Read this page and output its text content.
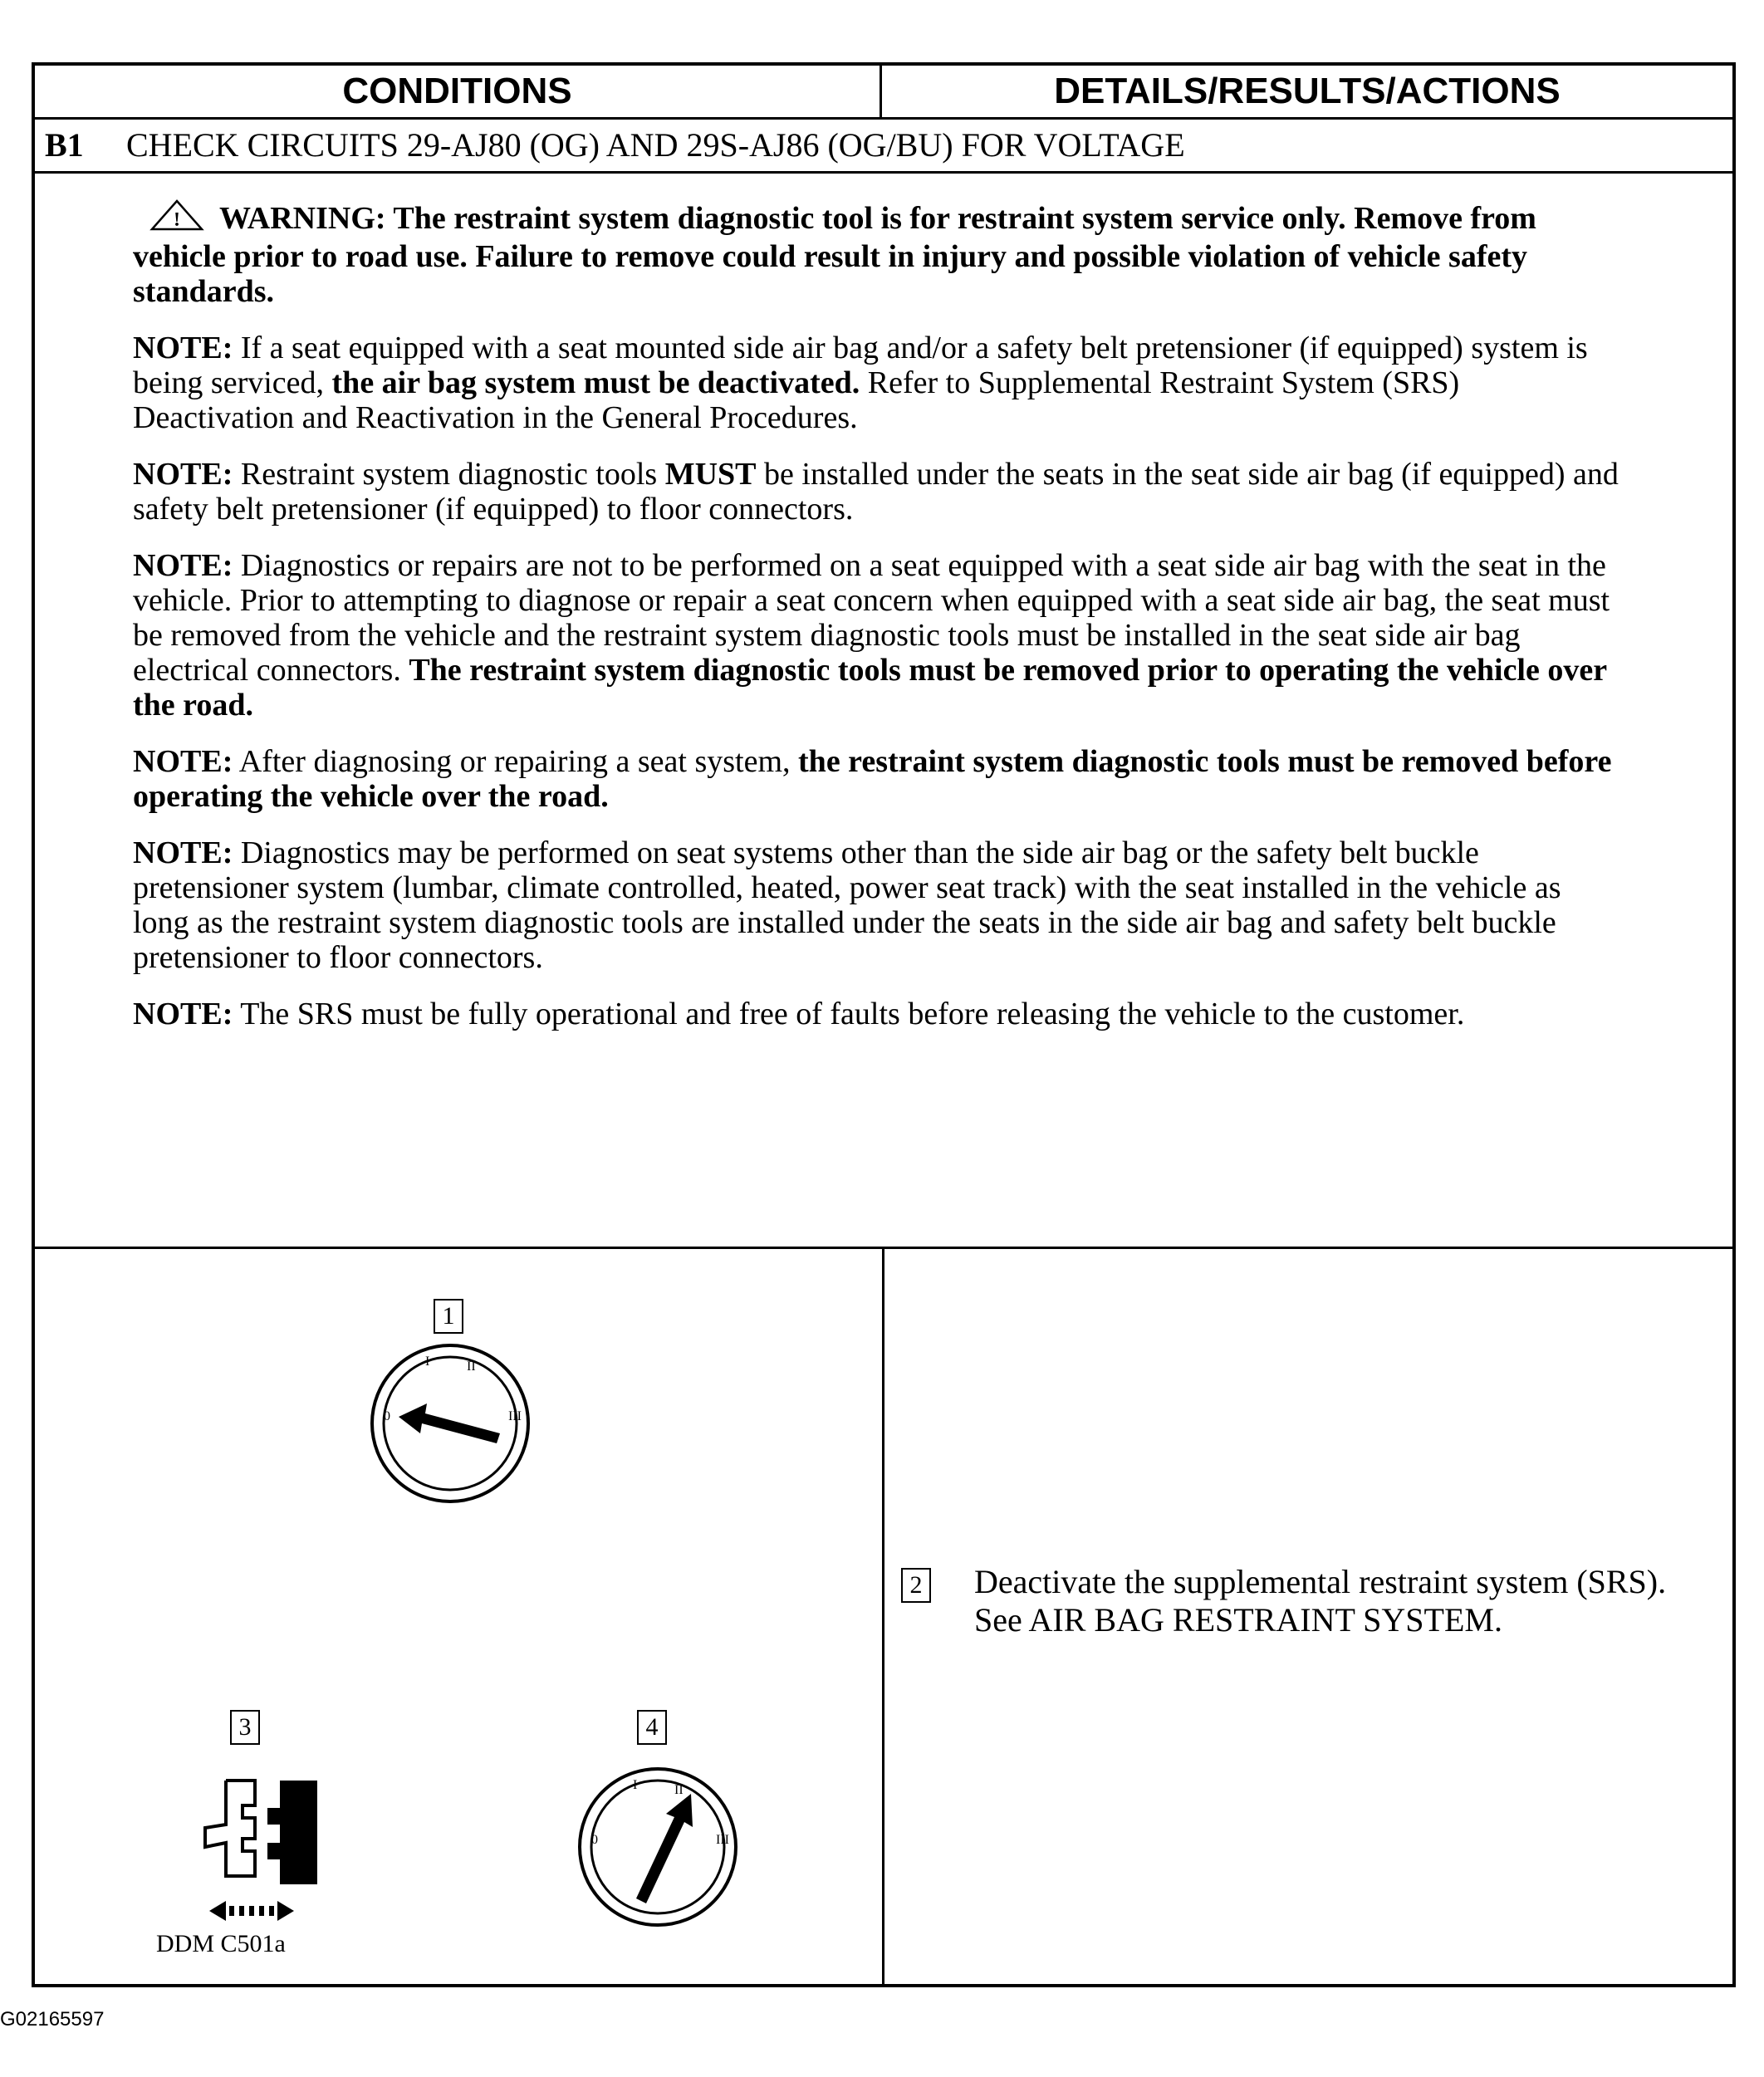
CONDITIONS	DETAILS/RESULTS/ACTIONS
B1 CHECK CIRCUITS 29-AJ80 (OG) AND 29S-AJ86 (OG/BU) FOR VOLTAGE

! WARNING: The restraint system diagnostic tool is for restraint system service only. Remove from vehicle prior to road use. Failure to remove could result in injury and possible violation of vehicle safety standards.

NOTE: If a seat equipped with a seat mounted side air bag and/or a safety belt pretensioner (if equipped) system is being serviced, the air bag system must be deactivated. Refer to Supplemental Restraint System (SRS) Deactivation and Reactivation in the General Procedures.

NOTE: Restraint system diagnostic tools MUST be installed under the seats in the seat side air bag (if equipped) and safety belt pretensioner (if equipped) to floor connectors.

NOTE: Diagnostics or repairs are not to be performed on a seat equipped with a seat side air bag with the seat in the vehicle. Prior to attempting to diagnose or repair a seat concern when equipped with a seat side air bag, the seat must be removed from the vehicle and the restraint system diagnostic tools must be installed in the seat side air bag electrical connectors. The restraint system diagnostic tools must be removed prior to operating the vehicle over the road.

NOTE: After diagnosing or repairing a seat system, the restraint system diagnostic tools must be removed before operating the vehicle over the road.

NOTE: Diagnostics may be performed on seat systems other than the side air bag or the safety belt buckle pretensioner system (lumbar, climate controlled, heated, power seat track) with the seat installed in the vehicle as long as the restraint system diagnostic tools are installed under the seats in the side air bag and safety belt buckle pretensioner to floor connectors.

NOTE: The SRS must be fully operational and free of faults before releasing the vehicle to the customer.

1
0
I	II
III
3	4
0
I	II
III
DDM C501a
2 Deactivate the supplemental restraint system (SRS). See AIR BAG RESTRAINT SYSTEM.
G02165597
